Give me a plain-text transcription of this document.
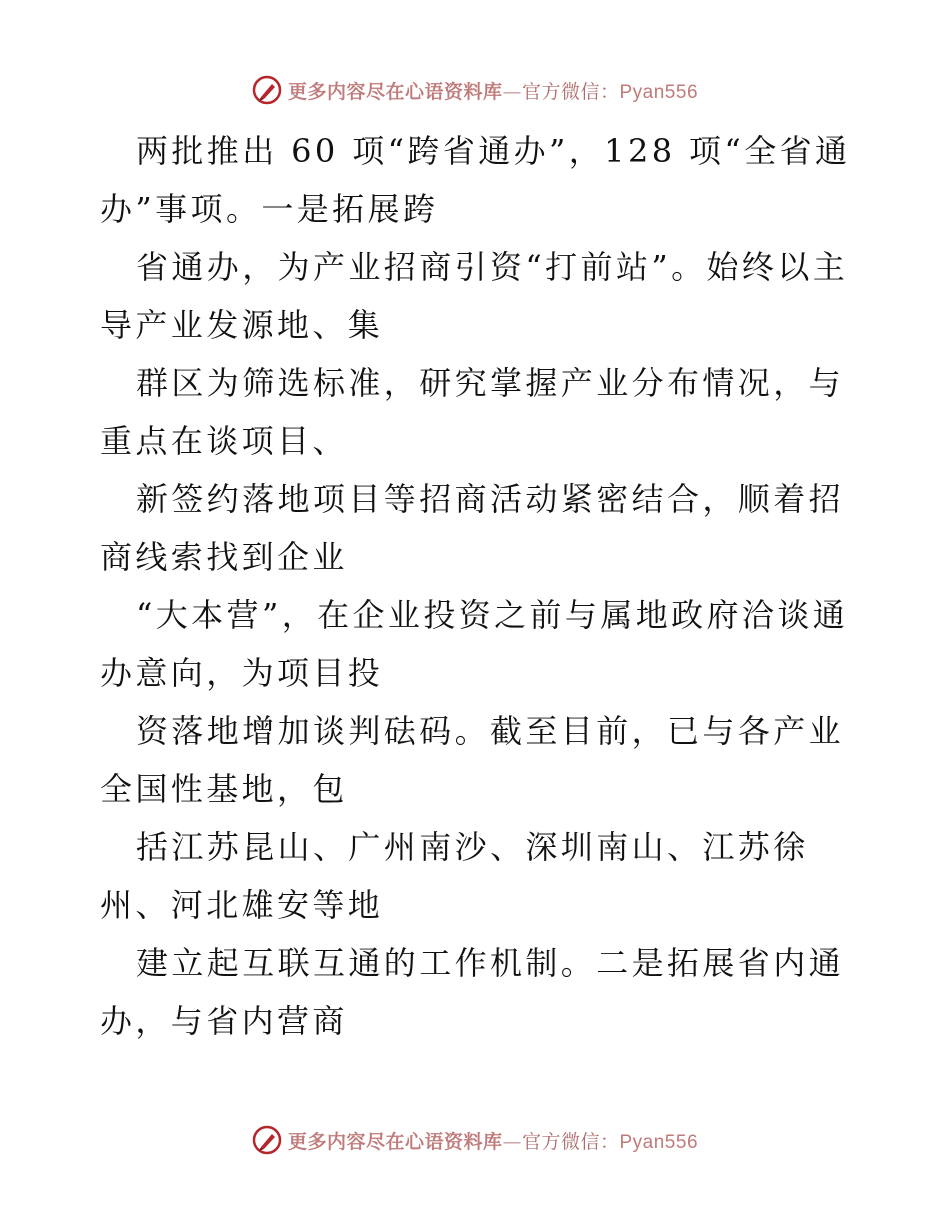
更多内容尽在心语资料库—官方微信：Pyan556

两批推出 60 项“跨省通办”，128 项“全省通办”事项。一是拓展跨

省通办，为产业招商引资“打前站”。始终以主导产业发源地、集

群区为筛选标准，研究掌握产业分布情况，与重点在谈项目、

新签约落地项目等招商活动紧密结合，顺着招商线索找到企业

“大本营”，在企业投资之前与属地政府洽谈通办意向，为项目投

资落地增加谈判砝码。截至目前，已与各产业全国性基地，包

括江苏昆山、广州南沙、深圳南山、江苏徐州、河北雄安等地

建立起互联互通的工作机制。二是拓展省内通办，与省内营商

更多内容尽在心语资料库—官方微信：Pyan556
